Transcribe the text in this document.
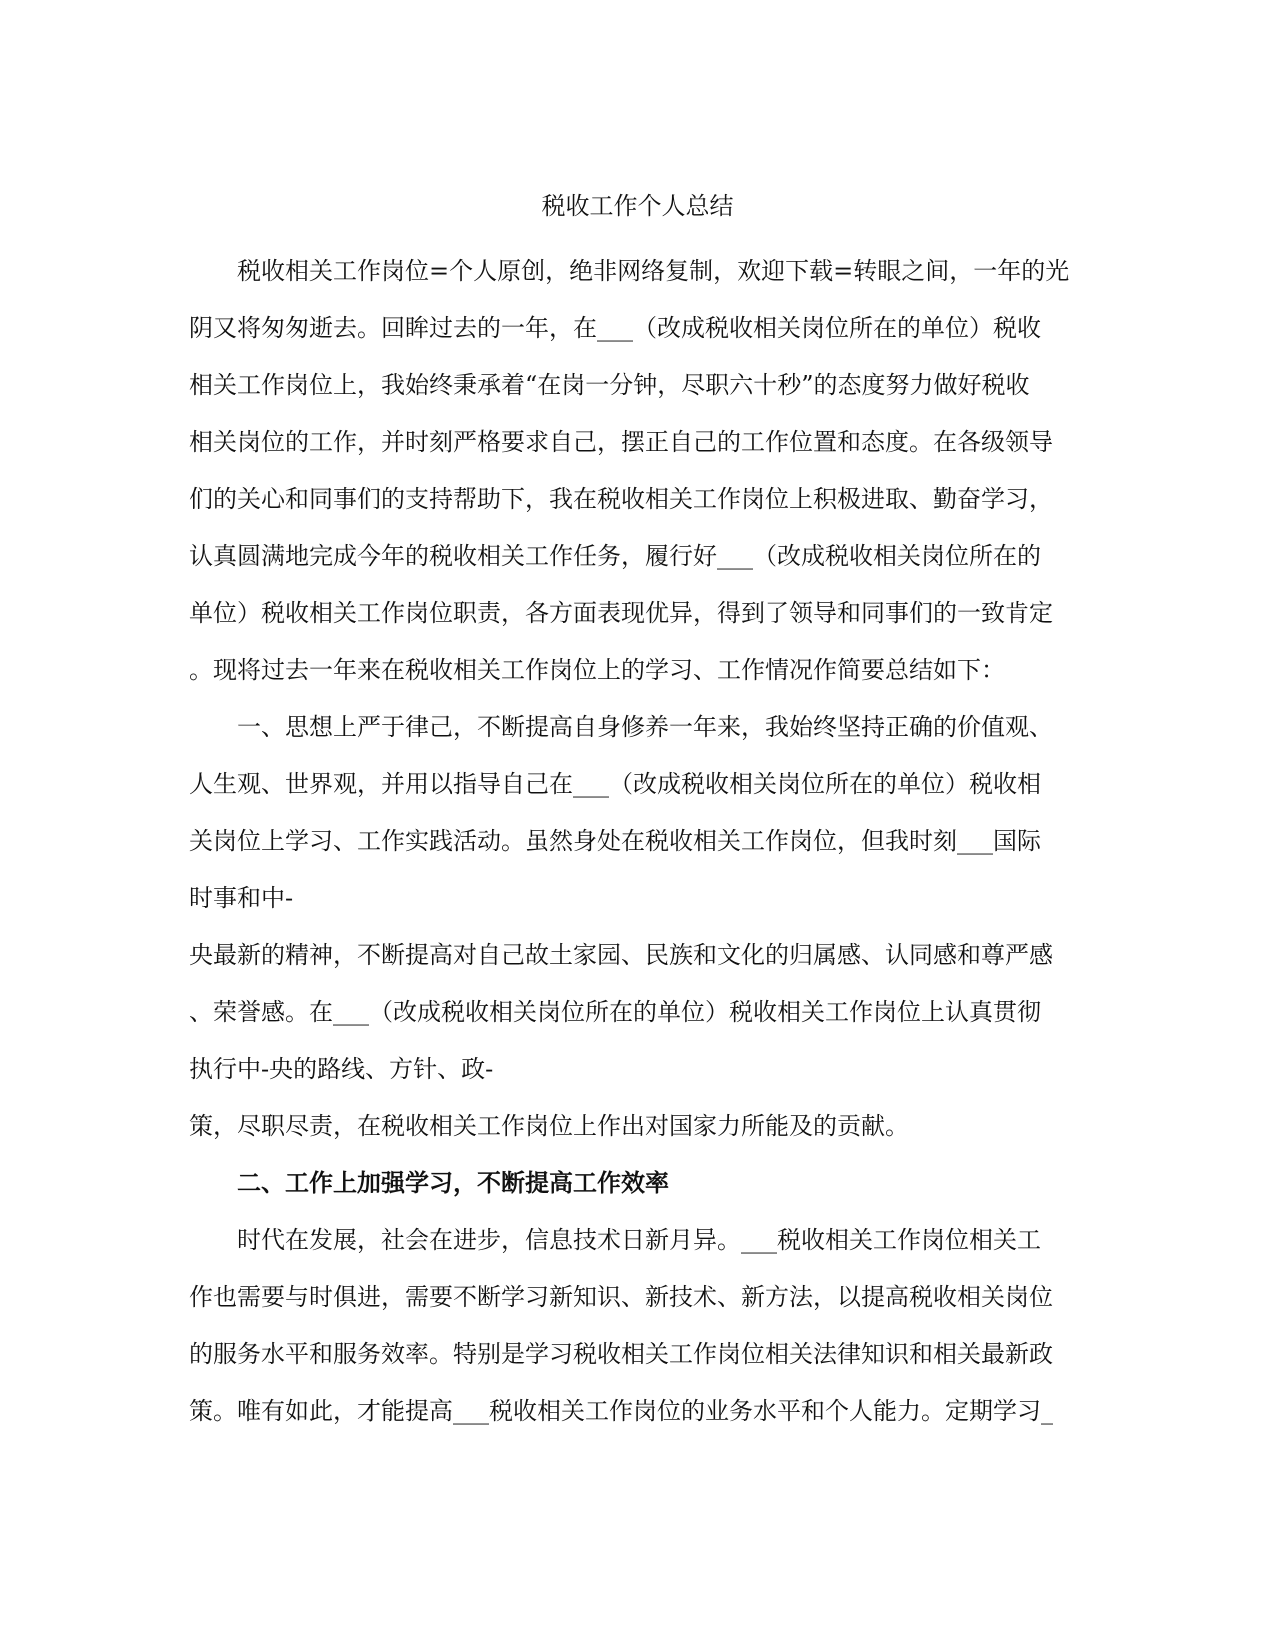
税收工作个人总结

　　税收相关工作岗位=个人原创，绝非网络复制，欢迎下载=转眼之间，一年的光

阴又将匆匆逝去。回眸过去的一年，在___（改成税收相关岗位所在的单位）税收

相关工作岗位上，我始终秉承着“在岗一分钟，尽职六十秒”的态度努力做好税收

相关岗位的工作，并时刻严格要求自己，摆正自己的工作位置和态度。在各级领导

们的关心和同事们的支持帮助下，我在税收相关工作岗位上积极进取、勤奋学习，

认真圆满地完成今年的税收相关工作任务，履行好___（改成税收相关岗位所在的

单位）税收相关工作岗位职责，各方面表现优异，得到了领导和同事们的一致肯定

。现将过去一年来在税收相关工作岗位上的学习、工作情况作简要总结如下：

　　一、思想上严于律己，不断提高自身修养一年来，我始终坚持正确的价值观、

人生观、世界观，并用以指导自己在___（改成税收相关岗位所在的单位）税收相

关岗位上学习、工作实践活动。虽然身处在税收相关工作岗位，但我时刻___国际

时事和中-

央最新的精神，不断提高对自己故土家园、民族和文化的归属感、认同感和尊严感

、荣誉感。在___（改成税收相关岗位所在的单位）税收相关工作岗位上认真贯彻

执行中-央的路线、方针、政-

策，尽职尽责，在税收相关工作岗位上作出对国家力所能及的贡献。

　　二、工作上加强学习，不断提高工作效率

　　时代在发展，社会在进步，信息技术日新月异。___税收相关工作岗位相关工

作也需要与时俱进，需要不断学习新知识、新技术、新方法，以提高税收相关岗位

的服务水平和服务效率。特别是学习税收相关工作岗位相关法律知识和相关最新政

策。唯有如此，才能提高___税收相关工作岗位的业务水平和个人能力。定期学习_
